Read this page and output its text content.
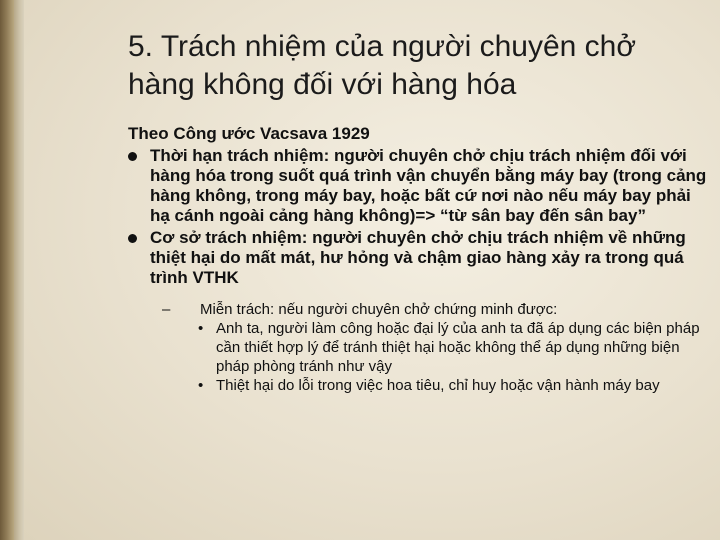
5. Trách nhiệm của người chuyên chở hàng không đối với hàng hóa

Theo Công ước Vacsava 1929

Thời hạn trách nhiệm: người chuyên chở chịu trách nhiệm đối với hàng hóa trong suốt quá trình vận chuyển bằng máy bay (trong cảng hàng không, trong máy bay, hoặc bất cứ nơi nào nếu máy bay phải hạ cánh ngoài cảng hàng không)=> “từ sân bay đến sân bay”
Cơ sở trách nhiệm: người chuyên chở chịu trách nhiệm về những thiệt hại do mất mát, hư hỏng và chậm giao hàng xảy ra trong quá trình VTHK
– Miễn trách: nếu người chuyên chở chứng minh được:
• Anh ta, người làm công hoặc đại lý của anh ta đã áp dụng các biện pháp cần thiết hợp lý để tránh thiệt hại hoặc không thể áp dụng những biện pháp phòng tránh như vậy
• Thiệt hại do lỗi trong việc hoa tiêu, chỉ huy hoặc vận hành máy bay
